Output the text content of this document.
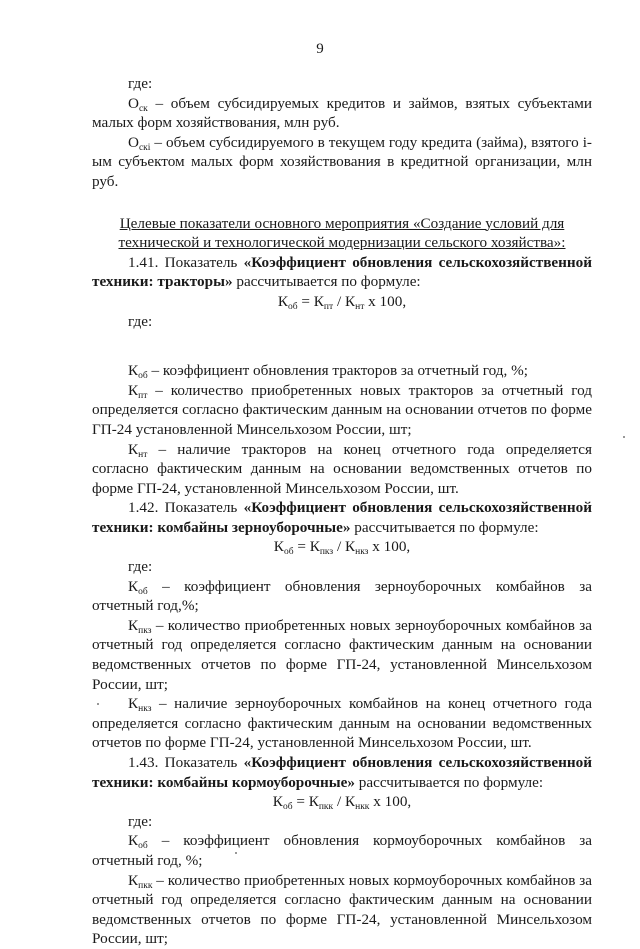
9

где:

$О_{ск}$ – объем субсидируемых кредитов и займов, взятых субъектами малых форм хозяйствования, млн руб.

$О_{скi}$ – объем субсидируемого в текущем году кредита (займа), взятого i-ым субъектом малых форм хозяйствования в кредитной организации, млн руб.

Целевые показатели основного мероприятия «Создание условий для технической и технологической модернизации сельского хозяйства»:

1.41. Показатель «Коэффициент обновления сельскохозяйственной техники: тракторы» рассчитывается по формуле:

$К_{об} = К_{пт} / К_{нт}$ х 100,

где:

$К_{об}$ – коэффициент обновления тракторов за отчетный год, %;

$К_{пт}$ – количество приобретенных новых тракторов за отчетный год определяется согласно фактическим данным на основании отчетов по форме ГП-24 установленной Минсельхозом России, шт;

$К_{нт}$ – наличие тракторов на конец отчетного года определяется согласно фактическим данным на основании ведомственных отчетов по форме ГП-24, установленной Минсельхозом России, шт.

1.42. Показатель «Коэффициент обновления сельскохозяйственной техники: комбайны зерноуборочные» рассчитывается по формуле:

$К_{об} = К_{пкз} / К_{нкз}$ х 100,

где:

$К_{об}$ – коэффициент обновления зерноуборочных комбайнов за отчетный год,%;

$К_{пкз}$ – количество приобретенных новых зерноуборочных комбайнов за отчетный год определяется согласно фактическим данным на основании ведомственных отчетов по форме ГП-24, установленной Минсельхозом России, шт;

$К_{нкз}$ – наличие зерноуборочных комбайнов на конец отчетного года определяется согласно фактическим данным на основании ведомственных отчетов по форме ГП-24, установленной Минсельхозом России, шт.

1.43. Показатель «Коэффициент обновления сельскохозяйственной техники: комбайны кормоуборочные» рассчитывается по формуле:

$К_{об} = К_{пкк} / К_{нкк}$ х 100,

где:

$К_{об}$ – коэффициент обновления кормоуборочных комбайнов за отчетный год, %;

$К_{пкк}$ – количество приобретенных новых кормоуборочных комбайнов за отчетный год определяется согласно фактическим данным на основании ведомственных отчетов по форме ГП-24, установленной Минсельхозом России, шт;
